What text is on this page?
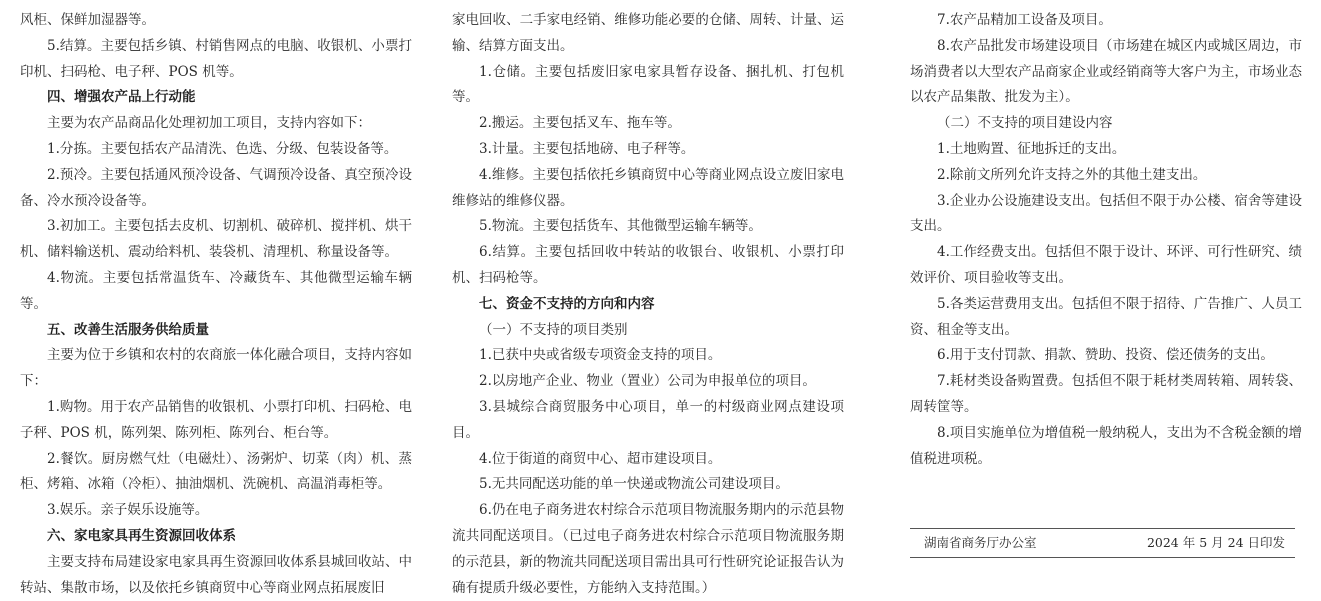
风柜、保鲜加湿器等。

5.结算。主要包括乡镇、村销售网点的电脑、收银机、小票打印机、扫码枪、电子秤、POS 机等。

四、增强农产品上行动能

主要为农产品商品化处理初加工项目，支持内容如下：

1.分拣。主要包括农产品清洗、色选、分级、包装设备等。

2.预冷。主要包括通风预冷设备、气调预冷设备、真空预冷设备、冷水预冷设备等。

3.初加工。主要包括去皮机、切割机、破碎机、搅拌机、烘干机、储料输送机、震动给料机、装袋机、清理机、称量设备等。

4.物流。主要包括常温货车、冷藏货车、其他微型运输车辆等。

五、改善生活服务供给质量

主要为位于乡镇和农村的农商旅一体化融合项目，支持内容如下：

1.购物。用于农产品销售的收银机、小票打印机、扫码枪、电子秤、POS 机，陈列架、陈列柜、陈列台、柜台等。

2.餐饮。厨房燃气灶（电磁灶）、汤粥炉、切菜（肉）机、蒸柜、烤箱、冰箱（冷柜）、抽油烟机、洗碗机、高温消毒柜等。

3.娱乐。亲子娱乐设施等。

六、家电家具再生资源回收体系

主要支持布局建设家电家具再生资源回收体系县城回收站、中转站、集散市场，以及依托乡镇商贸中心等商业网点拓展废旧

家电回收、二手家电经销、维修功能必要的仓储、周转、计量、运输、结算方面支出。

1.仓储。主要包括废旧家电家具暂存设备、捆扎机、打包机等。

2.搬运。主要包括叉车、拖车等。

3.计量。主要包括地磅、电子秤等。

4.维修。主要包括依托乡镇商贸中心等商业网点设立废旧家电维修站的维修仪器。

5.物流。主要包括货车、其他微型运输车辆等。

6.结算。主要包括回收中转站的收银台、收银机、小票打印机、扫码枪等。

七、资金不支持的方向和内容

（一）不支持的项目类别

1.已获中央或省级专项资金支持的项目。

2.以房地产企业、物业（置业）公司为申报单位的项目。

3.县城综合商贸服务中心项目，单一的村级商业网点建设项目。

4.位于街道的商贸中心、超市建设项目。

5.无共同配送功能的单一快递或物流公司建设项目。

6.仍在电子商务进农村综合示范项目物流服务期内的示范县物流共同配送项目。（已过电子商务进农村综合示范项目物流服务期的示范县，新的物流共同配送项目需出具可行性研究论证报告认为确有提质升级必要性，方能纳入支持范围。）

7.农产品精加工设备及项目。

8.农产品批发市场建设项目（市场建在城区内或城区周边，市场消费者以大型农产品商家企业或经销商等大客户为主，市场业态以农产品集散、批发为主）。

（二）不支持的项目建设内容

1.土地购置、征地拆迁的支出。

2.除前文所列允许支持之外的其他土建支出。

3.企业办公设施建设支出。包括但不限于办公楼、宿舍等建设支出。

4.工作经费支出。包括但不限于设计、环评、可行性研究、绩效评价、项目验收等支出。

5.各类运营费用支出。包括但不限于招待、广告推广、人员工资、租金等支出。

6.用于支付罚款、捐款、赞助、投资、偿还债务的支出。

7.耗材类设备购置费。包括但不限于耗材类周转箱、周转袋、周转筐等。

8.项目实施单位为增值税一般纳税人，支出为不含税金额的增值税进项税。

湖南省商务厅办公室	2024 年 5 月 24 日印发
